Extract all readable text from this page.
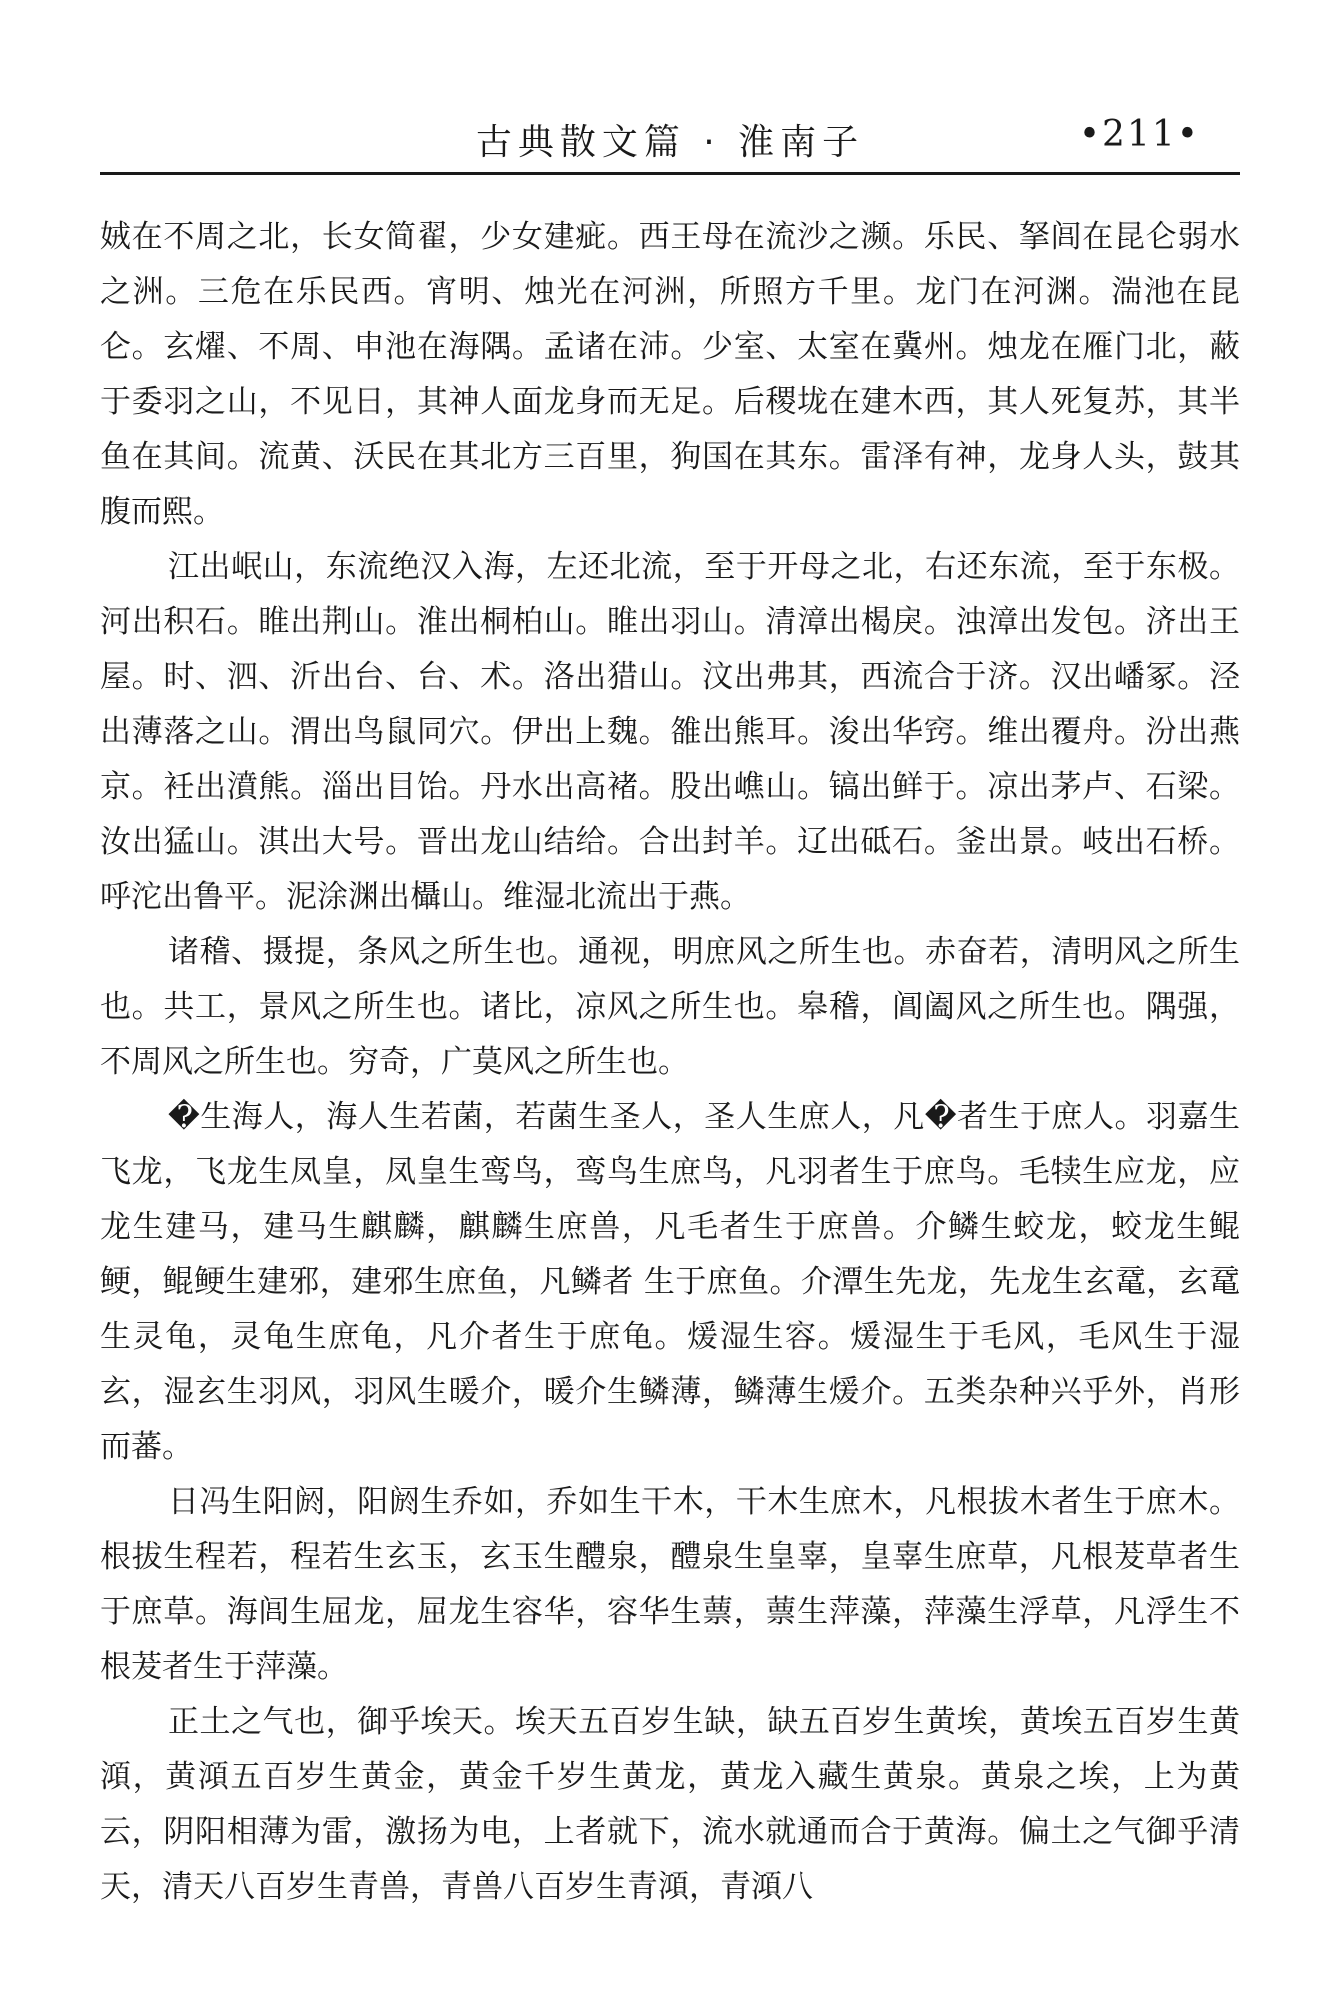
古典散文篇 · 淮南子	•211•

娀在不周之北，长女简翟，少女建疵。西王母在流沙之濒。乐民、拏闾在昆仑弱水之洲。三危在乐民西。宵明、烛光在河洲，所照方千里。龙门在河渊。湍池在昆仑。玄燿、不周、申池在海隅。孟诸在沛。少室、太室在冀州。烛龙在雁门北，蔽于委羽之山，不见日，其神人面龙身而无足。后稷垅在建木西，其人死复苏，其半鱼在其间。流黄、沃民在其北方三百里，狗国在其东。雷泽有神，龙身人头，鼓其腹而熙。

江出岷山，东流绝汉入海，左还北流，至于开母之北，右还东流，至于东极。河出积石。睢出荆山。淮出桐柏山。睢出羽山。清漳出楬戾。浊漳出发包。济出王屋。时、泗、沂出台、台、术。洛出猎山。汶出弗其，西流合于济。汉出嶓冢。泾出薄落之山。渭出鸟鼠同穴。伊出上魏。雒出熊耳。浚出华窍。维出覆舟。汾出燕京。衽出濆熊。淄出目饴。丹水出高褚。股出嶕山。镐出鲜于。凉出茅卢、石梁。汝出猛山。淇出大号。晋出龙山结给。合出封羊。辽出砥石。釜出景。岐出石桥。呼沱出鲁平。泥涂渊出欇山。维湿北流出于燕。

诸稽、摄提，条风之所生也。通视，明庶风之所生也。赤奋若，清明风之所生也。共工，景风之所生也。诸比，凉风之所生也。皋稽，阊阖风之所生也。隅强，不周风之所生也。穷奇，广莫风之所生也。

�生海人，海人生若菌，若菌生圣人，圣人生庶人，凡�者生于庶人。羽嘉生飞龙，飞龙生凤皇，凤皇生鸾鸟，鸾鸟生庶鸟，凡羽者生于庶鸟。毛犊生应龙，应龙生建马，建马生麒麟，麒麟生庶兽，凡毛者生于庶兽。介鳞生蛟龙，蛟龙生鲲鲠，鲲鲠生建邪，建邪生庶鱼，凡鳞者 生于庶鱼。介潭生先龙，先龙生玄鼋，玄鼋生灵龟，灵龟生庶龟，凡介者生于庶龟。煖湿生容。煖湿生于毛风，毛风生于湿玄，湿玄生羽风，羽风生暖介，暖介生鳞薄，鳞薄生煖介。五类杂种兴乎外，肖形而蕃。

日冯生阳阏，阳阏生乔如，乔如生干木，干木生庶木，凡根拔木者生于庶木。根拔生程若，程若生玄玉，玄玉生醴泉，醴泉生皇辜，皇辜生庶草，凡根茇草者生于庶草。海闾生屈龙，屈龙生容华，容华生蔈，蔈生萍藻，萍藻生浮草，凡浮生不根茇者生于萍藻。

正土之气也，御乎埃天。埃天五百岁生缺，缺五百岁生黄埃，黄埃五百岁生黄澒，黄澒五百岁生黄金，黄金千岁生黄龙，黄龙入藏生黄泉。黄泉之埃，上为黄云，阴阳相薄为雷，激扬为电，上者就下，流水就通而合于黄海。偏土之气御乎清天，清天八百岁生青兽，青兽八百岁生青澒，青澒八
